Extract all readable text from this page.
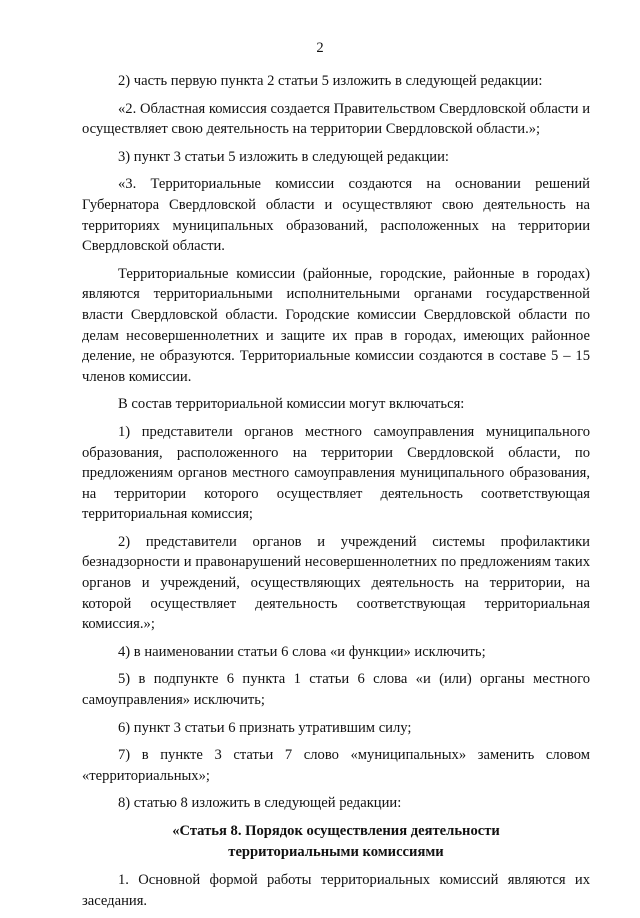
2

2) часть первую пункта 2 статьи 5 изложить в следующей редакции:

«2. Областная комиссия создается Правительством Свердловской области и осуществляет свою деятельность на территории Свердловской области.»;

3) пункт 3 статьи 5 изложить в следующей редакции:

«3. Территориальные комиссии создаются на основании решений Губернатора Свердловской области и осуществляют свою деятельность на территориях муниципальных образований, расположенных на территории Свердловской области.

Территориальные комиссии (районные, городские, районные в городах) являются территориальными исполнительными органами государственной власти Свердловской области. Городские комиссии Свердловской области по делам несовершеннолетних и защите их прав в городах, имеющих районное деление, не образуются. Территориальные комиссии создаются в составе 5 – 15 членов комиссии.

В состав территориальной комиссии могут включаться:

1) представители органов местного самоуправления муниципального образования, расположенного на территории Свердловской области, по предложениям органов местного самоуправления муниципального образования, на территории которого осуществляет деятельность соответствующая территориальная комиссия;

2) представители органов и учреждений системы профилактики безнадзорности и правонарушений несовершеннолетних по предложениям таких органов и учреждений, осуществляющих деятельность на территории, на которой осуществляет деятельность соответствующая территориальная комиссия.»;

4) в наименовании статьи 6 слова «и функции» исключить;

5) в подпункте 6 пункта 1 статьи 6 слова «и (или) органы местного самоуправления» исключить;

6) пункт 3 статьи 6 признать утратившим силу;

7) в пункте 3 статьи 7 слово «муниципальных» заменить словом «территориальных»;

8) статью 8 изложить в следующей редакции:

«Статья 8. Порядок осуществления деятельности
территориальными комиссиями

1. Основной формой работы территориальных комиссий являются их заседания.
